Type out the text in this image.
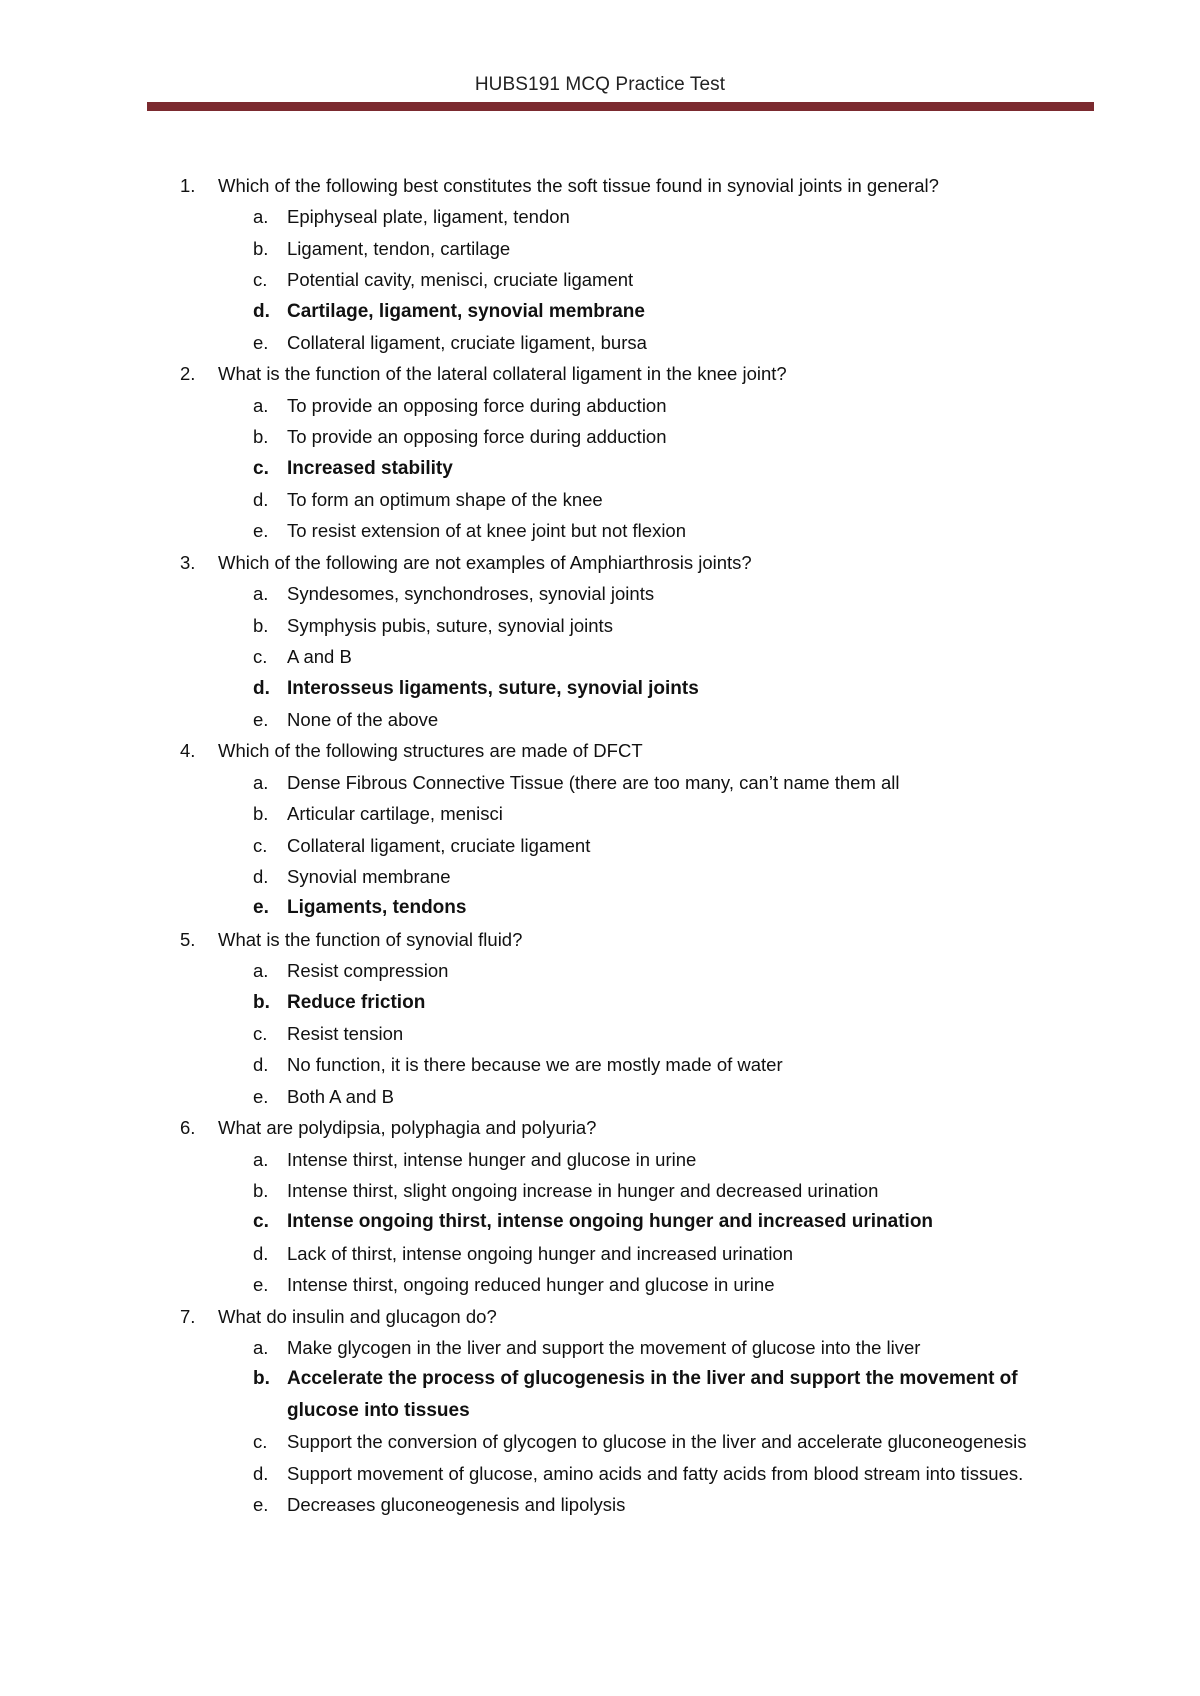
HUBS191 MCQ Practice Test
1.	Which of the following best constitutes the soft tissue found in synovial joints in general?
a.	Epiphyseal plate, ligament, tendon
b.	Ligament, tendon, cartilage
c.	Potential cavity, menisci, cruciate ligament
d. Cartilage, ligament, synovial membrane
e.	Collateral ligament, cruciate ligament, bursa
2.	What is the function of the lateral collateral ligament in the knee joint?
a.	To provide an opposing force during abduction
b.	To provide an opposing force during adduction
c. Increased stability
d.	To form an optimum shape of the knee
e.	To resist extension of at knee joint but not flexion
3.	Which of the following are not examples of Amphiarthrosis joints?
a.	Syndesomes, synchondroses, synovial joints
b.	Symphysis pubis, suture, synovial joints
c.	A and B
d. Interosseus ligaments, suture, synovial joints
e.	None of the above
4.	Which of the following structures are made of DFCT
a.	Dense Fibrous Connective Tissue (there are too many, can’t name them all
b.	Articular cartilage, menisci
c.	Collateral ligament, cruciate ligament
d.	Synovial membrane
e. Ligaments, tendons
5.	What is the function of synovial fluid?
a.	Resist compression
b. Reduce friction
c.	Resist tension
d.	No function, it is there because we are mostly made of water
e.	Both A and B
6.	What are polydipsia, polyphagia and polyuria?
a.	Intense thirst, intense hunger and glucose in urine
b.	Intense thirst, slight ongoing increase in hunger and decreased urination
c. Intense ongoing thirst, intense ongoing hunger and increased urination
d.	Lack of thirst, intense ongoing hunger and increased urination
e.	Intense thirst, ongoing reduced hunger and glucose in urine
7.	What do insulin and glucagon do?
a.	Make glycogen in the liver and support the movement of glucose into the liver
b. Accelerate the process of glucogenesis in the liver and support the movement of glucose into tissues
c.	Support the conversion of glycogen to glucose in the liver and accelerate gluconeogenesis
d.	Support movement of glucose, amino acids and fatty acids from blood stream into tissues.
e.	Decreases gluconeogenesis and lipolysis
